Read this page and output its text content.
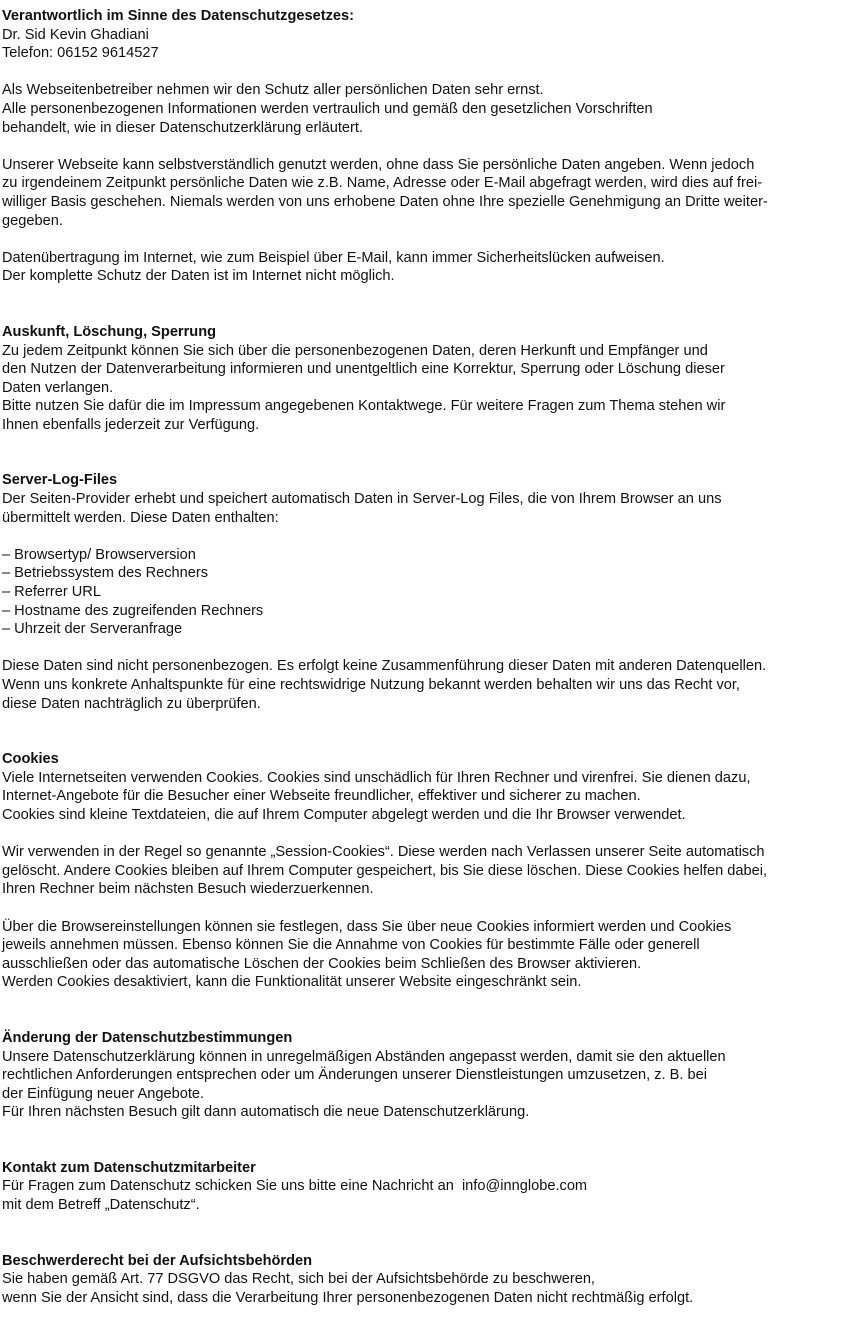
Verantwortlich im Sinne des Datenschutzgesetzes:

Dr. Sid Kevin Ghadiani

Telefon: 06152 9614527

Als Webseitenbetreiber nehmen wir den Schutz aller persönlichen Daten sehr ernst.

Alle personenbezogenen Informationen werden vertraulich und gemäß den gesetzlichen Vorschriften

behandelt, wie in dieser Datenschutzerklärung erläutert.

Unserer Webseite kann selbstverständlich genutzt werden, ohne dass Sie persönliche Daten angeben. Wenn jedoch

zu irgendeinem Zeitpunkt persönliche Daten wie z.B. Name, Adresse oder E-Mail abgefragt werden, wird dies auf frei-

williger Basis geschehen. Niemals werden von uns erhobene Daten ohne Ihre spezielle Genehmigung an Dritte weiter-

gegeben.

Datenübertragung im Internet, wie zum Beispiel über E-Mail, kann immer Sicherheitslücken aufweisen.

Der komplette Schutz der Daten ist im Internet nicht möglich.

Auskunft, Löschung, Sperrung

Zu jedem Zeitpunkt können Sie sich über die personenbezogenen Daten, deren Herkunft und Empfänger und

den Nutzen der Datenverarbeitung informieren und unentgeltlich eine Korrektur, Sperrung oder Löschung dieser

Daten verlangen.

Bitte nutzen Sie dafür die im Impressum angegebenen Kontaktwege. Für weitere Fragen zum Thema stehen wir

Ihnen ebenfalls jederzeit zur Verfügung.

Server-Log-Files

Der Seiten-Provider erhebt und speichert automatisch Daten in Server-Log Files, die von Ihrem Browser an uns

übermittelt werden. Diese Daten enthalten:

– Browsertyp/ Browserversion
– Betriebssystem des Rechners
– Referrer URL
– Hostname des zugreifenden Rechners
– Uhrzeit der Serveranfrage

Diese Daten sind nicht personenbezogen. Es erfolgt keine Zusammenführung dieser Daten mit anderen Datenquellen.

Wenn uns konkrete Anhaltspunkte für eine rechtswidrige Nutzung bekannt werden behalten wir uns das Recht vor,

diese Daten nachträglich zu überprüfen.

Cookies

Viele Internetseiten verwenden Cookies. Cookies sind unschädlich für Ihren Rechner und virenfrei. Sie dienen dazu,

Internet-Angebote für die Besucher einer Webseite freundlicher, effektiver und sicherer zu machen.

Cookies sind kleine Textdateien, die auf Ihrem Computer abgelegt werden und die Ihr Browser verwendet.

Wir verwenden in der Regel so genannte „Session-Cookies“. Diese werden nach Verlassen unserer Seite automatisch

gelöscht. Andere Cookies bleiben auf Ihrem Computer gespeichert, bis Sie diese löschen. Diese Cookies helfen dabei,

Ihren Rechner beim nächsten Besuch wiederzuerkennen.

Über die Browsereinstellungen können sie festlegen, dass Sie über neue Cookies informiert werden und Cookies

jeweils annehmen müssen. Ebenso können Sie die Annahme von Cookies für bestimmte Fälle oder generell

ausschließen oder das automatische Löschen der Cookies beim Schließen des Browser aktivieren.

Werden Cookies desaktiviert, kann die Funktionalität unserer Website eingeschränkt sein.

Änderung der Datenschutzbestimmungen

Unsere Datenschutzerklärung können in unregelmäßigen Abständen angepasst werden, damit sie den aktuellen

rechtlichen Anforderungen entsprechen oder um Änderungen unserer Dienstleistungen umzusetzen, z. B. bei

der Einfügung neuer Angebote.

Für Ihren nächsten Besuch gilt dann automatisch die neue Datenschutzerklärung.

Kontakt zum Datenschutzmitarbeiter

Für Fragen zum Datenschutz schicken Sie uns bitte eine Nachricht an  info@innglobe.com

mit dem Betreff „Datenschutz“.

Beschwerderecht bei der Aufsichtsbehörden

Sie haben gemäß Art. 77 DSGVO das Recht, sich bei der Aufsichtsbehörde zu beschweren,

wenn Sie der Ansicht sind, dass die Verarbeitung Ihrer personenbezogenen Daten nicht rechtmäßig erfolgt.
